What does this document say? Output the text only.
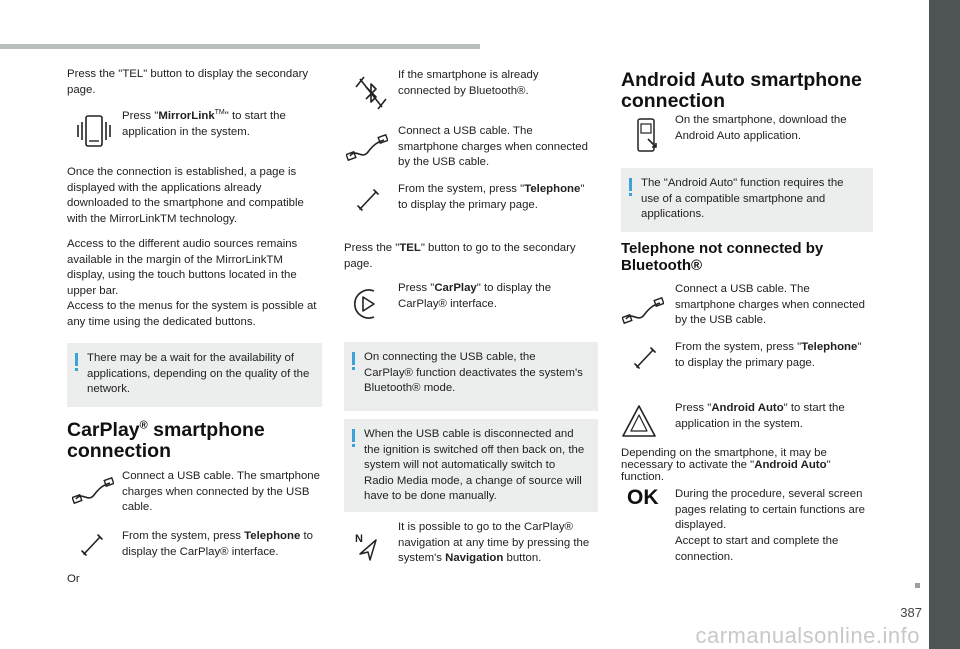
387
carmanualsonline.info

Press the "TEL" button to display the secondary page.

Press "MirrorLink™" to start the application in the system.

Once the connection is established, a page is displayed with the applications already downloaded to the smartphone and compatible with the MirrorLinkTM technology.

Access to the different audio sources remains available in the margin of the MirrorLinkTM display, using the touch buttons located in the upper bar.

Access to the menus for the system is possible at any time using the dedicated buttons.

There may be a wait for the availability of applications, depending on the quality of the network.

CarPlay® smartphone connection

Connect a USB cable. The smartphone charges when connected by the USB cable.

From the system, press Telephone to display the CarPlay® interface.

Or

If the smartphone is already connected by Bluetooth®.

Connect a USB cable. The smartphone charges when connected by the USB cable.

From the system, press "Telephone" to display the primary page.

Press the "TEL" button to go to the secondary page.

Press "CarPlay" to display the CarPlay® interface.

On connecting the USB cable, the CarPlay® function deactivates the system's Bluetooth® mode.

When the USB cable is disconnected and the ignition is switched off then back on, the system will not automatically switch to Radio Media mode, a change of source will have to be done manually.

N

It is possible to go to the CarPlay® navigation at any time by pressing the system's Navigation button.

Android Auto smartphone connection

On the smartphone, download the Android Auto application.

The "Android Auto" function requires the use of a compatible smartphone and applications.

Telephone not connected by Bluetooth®

Connect a USB cable. The smartphone charges when connected by the USB cable.

From the system, press "Telephone" to display the primary page.

Press "Android Auto" to start the application in the system.

Depending on the smartphone, it may be necessary to activate the "Android Auto" function.

OK During the procedure, several screen pages relating to certain functions are displayed.

Accept to start and complete the connection.
